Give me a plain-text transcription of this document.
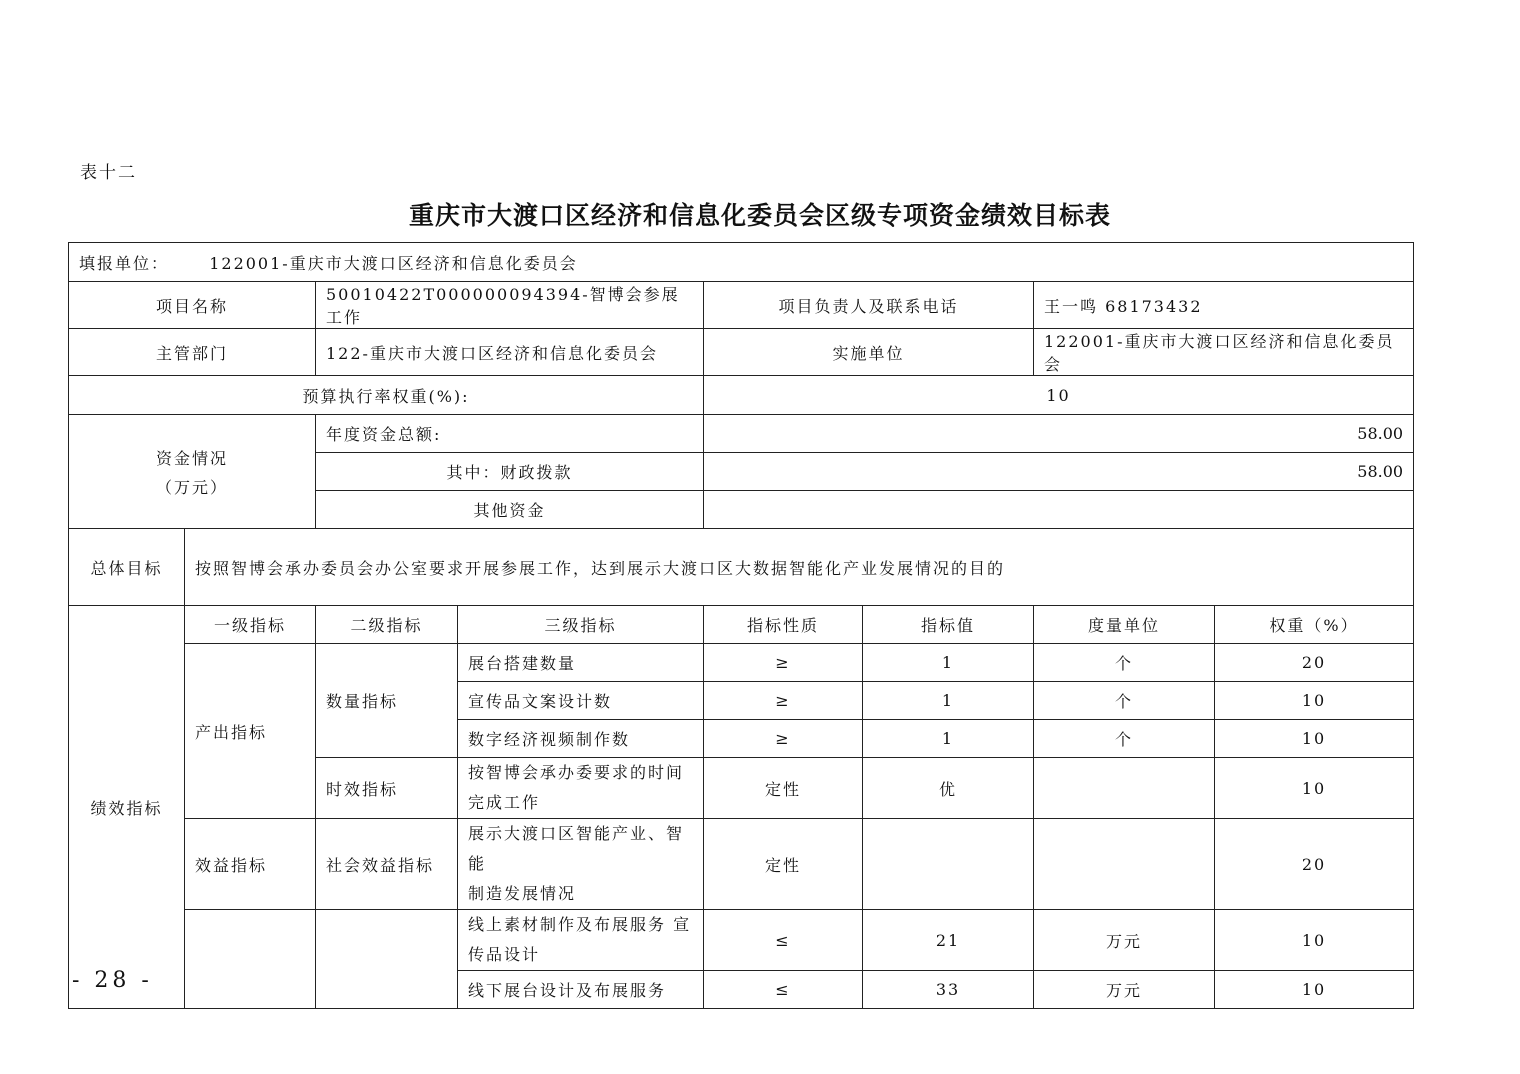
表十二
重庆市大渡口区经济和信息化委员会区级专项资金绩效目标表
填报单位： 122001-重庆市大渡口区经济和信息化委员会							
项目名称		50010422T000000094394-智博会参展工作		项目负责人及联系电话		王一鸣 68173432	
主管部门		122-重庆市大渡口区经济和信息化委员会		实施单位		122001-重庆市大渡口区经济和信息化委员会	
预算执行率权重(%):				10			

资金情况
（万元）		年度资金总额:		58.00			
		其中：财政拨款		58.00			
		其他资金					
总体目标	按照智博会承办委员会办公室要求开展参展工作，达到展示大渡口区大数据智能化产业发展情况的目的						
绩效指标	一级指标	二级指标	三级指标	指标性质	指标值	度量单位	权重（%）
	产出指标	数量指标	展台搭建数量	≥	1	个	20
			宣传品文案设计数	≥	1	个	10
			数字经济视频制作数	≥	1	个	10
		时效指标	按智博会承办委要求的时间
完成工作	定性	优		10
	效益指标	社会效益指标	展示大渡口区智能产业、智能
制造发展情况	定性			20

			线上素材制作及布展服务 宣
传品设计	≤	21	万元	10
			线下展台设计及布展服务	≤	33	万元	10
- 28 -
